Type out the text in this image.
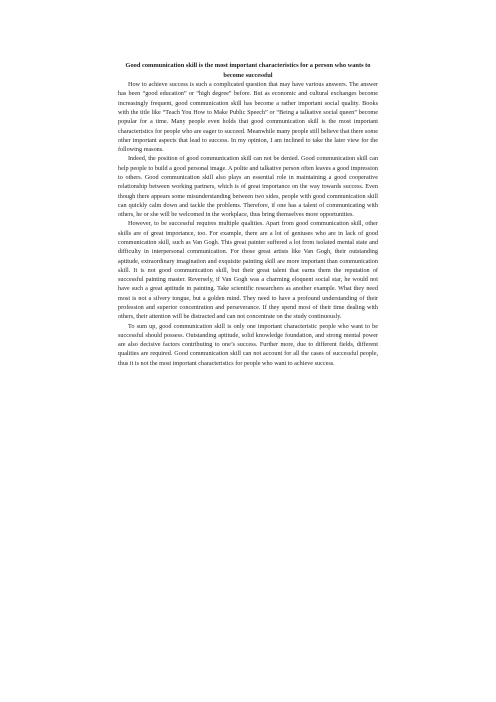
Good communication skill is the most important characteristics for a person who wants to become successful

How to achieve success is such a complicated question that may have various answers. The answer has been “good education” or “high degree” before. But as economic and cultural exchanges become increasingly frequent, good communication skill has become a rather important social quality. Books with the title like “Teach You How to Make Public Speech” or “Being a talkative social queen” become popular for a time. Many people even holds that good communication skill is the most important characteristics for people who are eager to succeed. Meanwhile many people still believe that there some other important aspects that lead to success. In my opinion, I am inclined to take the later view for the following reasons.

Indeed, the position of good communication skill can not be denied. Good communication skill can help people to build a good personal image. A polite and talkative person often leaves a good impression to others. Good communication skill also plays an essential role in maintaining a good cooperative relationship between working partners, which is of great importance on the way towards success. Even though there appears some misunderstanding between two sides, people with good communication skill can quickly calm down and tackle the problems. Therefore, if one has a talent of communicating with others, he or she will be welcomed in the workplace, thus bring themselves more opportunities.

However, to be successful requires multiple qualities. Apart from good communication skill, other skills are of great importance, too. For example, there are a lot of geniuses who are in lack of good communication skill, such as Van Gogh. This great painter suffered a lot from isolated mental state and difficulty in interpersonal communication. For those great artists like Van Gogh, their outstanding aptitude, extraordinary imagination and exquisite painting skill are more important than communication skill. It is not good communication skill, but their great talent that earns them the reputation of successful painting master. Reversely, if Van Gogh was a charming eloquent social star, he would not have such a great aptitude in painting. Take scientific researchers as another example. What they need most is not a silvery tongue, but a golden mind. They need to have a profound understanding of their profession and superior concentration and perseverance. If they spend most of their time dealing with others, their attention will be distracted and can not concentrate on the study continuously.

To sum up, good communication skill is only one important characteristic people who want to be successful should possess. Outstanding aptitude, solid knowledge foundation, and strong mental power are also decisive factors contributing to one’s success. Further more, due to different fields, different qualities are required. Good communication skill can not account for all the cases of successful people, thus it is not the most important characteristics for people who want to achieve success.
